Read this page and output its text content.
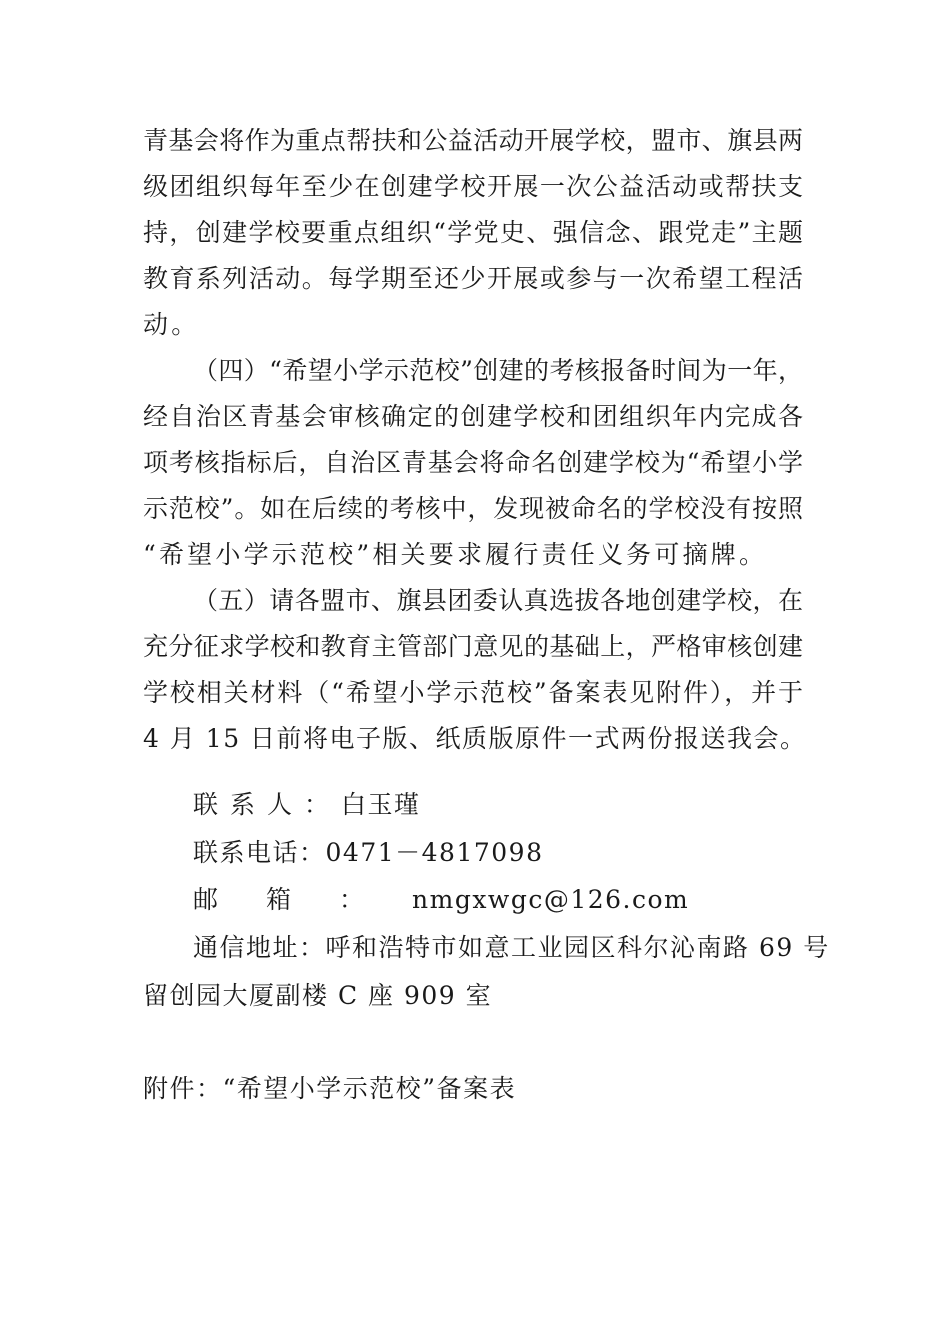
青基会将作为重点帮扶和公益活动开展学校，盟市、旗县两
级团组织每年至少在创建学校开展一次公益活动或帮扶支
持，创建学校要重点组织“学党史、强信念、跟党走”主题
教育系列活动。每学期至还少开展或参与一次希望工程活
动。
（四）“希望小学示范校”创建的考核报备时间为一年，
经自治区青基会审核确定的创建学校和团组织年内完成各
项考核指标后，自治区青基会将命名创建学校为“希望小学
示范校”。如在后续的考核中，发现被命名的学校没有按照
“希望小学示范校”相关要求履行责任义务可摘牌。
（五）请各盟市、旗县团委认真选拔各地创建学校，在
充分征求学校和教育主管部门意见的基础上，严格审核创建
学校相关材料（“希望小学示范校”备案表见附件），并于
4 月 15 日前将电子版、纸质版原件一式两份报送我会。
联系人：白玉瑾
联系电话：0471－4817098
邮箱：nmgxwgc@126.com
通信地址：呼和浩特市如意工业园区科尔沁南路 69 号
留创园大厦副楼 C 座 909 室
附件：“希望小学示范校”备案表
